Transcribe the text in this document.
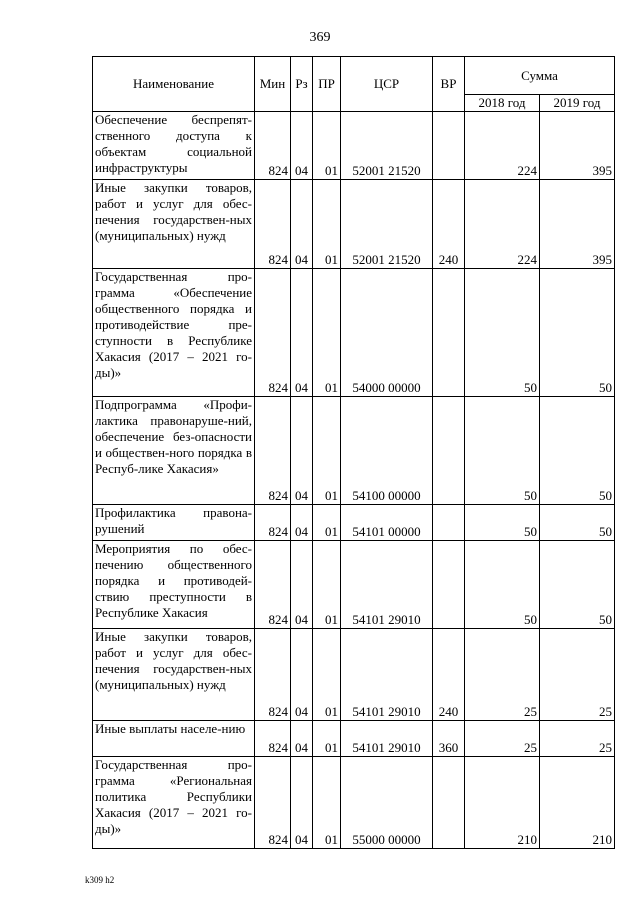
369
Наименование	Мин	Рз	ПР	ЦСР	ВР	Сумма	
						2018 год	2019 год
Обеспечение беспрепят-ственного доступа к объектам социальной инфраструктуры	824	04	01	52001 21520		224	395
Иные закупки товаров, работ и услуг для обес-печения государствен-ных (муниципальных) нужд	824	04	01	52001 21520	240	224	395
Государственная про-грамма «Обеспечение общественного порядка и противодействие пре-ступности в Республике Хакасия (2017 – 2021 го-ды)»	824	04	01	54000 00000		50	50
Подпрограмма «Профи-лактика правонаруше-ний, обеспечение без-опасности и обществен-ного порядка в Респуб-лике Хакасия»	824	04	01	54100 00000		50	50
Профилактика правона-рушений	824	04	01	54101 00000		50	50
Мероприятия по обес-печению общественного порядка и противодей-ствию преступности в Республике Хакасия	824	04	01	54101 29010		50	50
Иные закупки товаров, работ и услуг для обес-печения государствен-ных (муниципальных) нужд	824	04	01	54101 29010	240	25	25
Иные выплаты населе-нию	824	04	01	54101 29010	360	25	25
Государственная про-грамма «Региональная политика Республики Хакасия (2017 – 2021 го-ды)»	824	04	01	55000 00000		210	210
k309 h2
